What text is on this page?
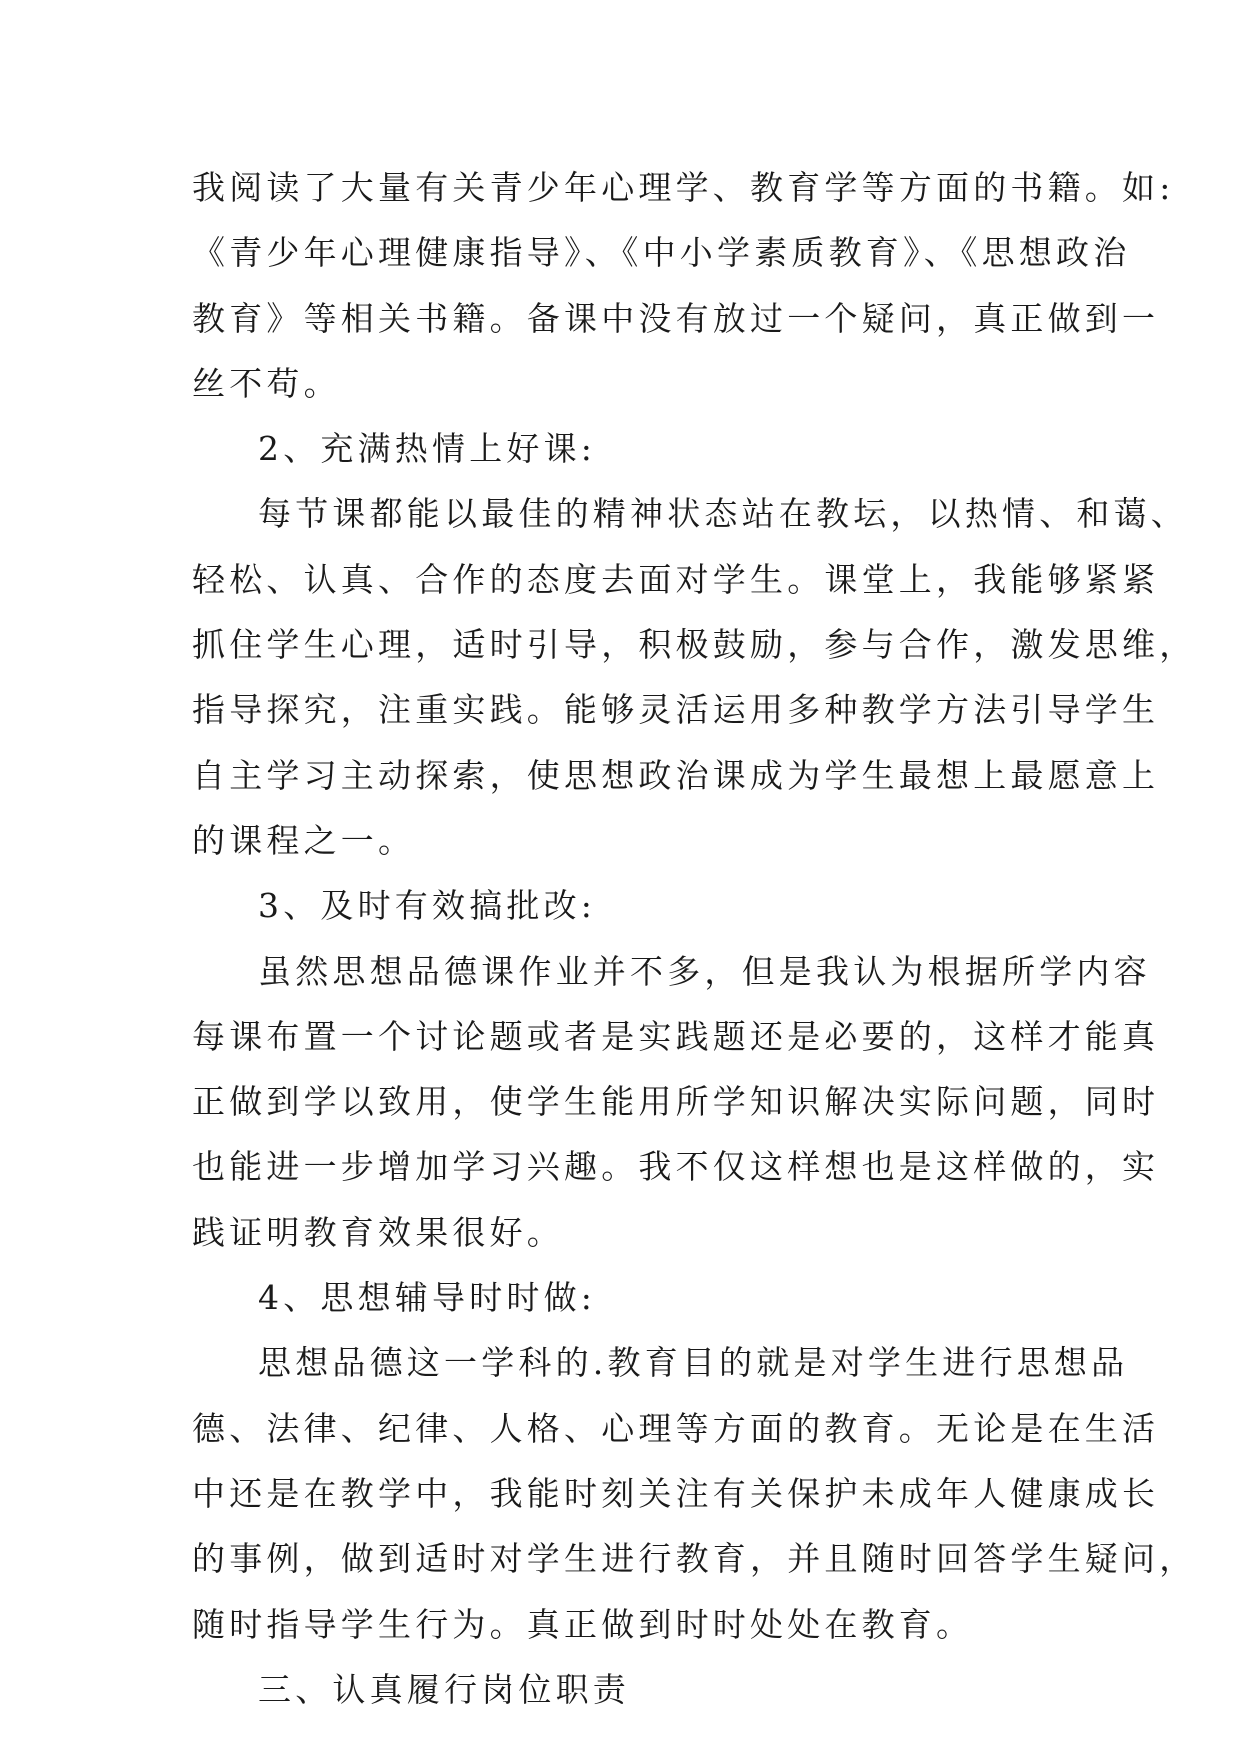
我阅读了大量有关青少年心理学、教育学等方面的书籍。如:
《青少年心理健康指导》、《中小学素质教育》、《思想政治
教育》等相关书籍。备课中没有放过一个疑问，真正做到一
丝不苟。
2、充满热情上好课:
每节课都能以最佳的精神状态站在教坛，以热情、和蔼、
轻松、认真、合作的态度去面对学生。课堂上，我能够紧紧
抓住学生心理，适时引导，积极鼓励，参与合作，激发思维，
指导探究，注重实践。能够灵活运用多种教学方法引导学生
自主学习主动探索，使思想政治课成为学生最想上最愿意上
的课程之一。
3、及时有效搞批改:
虽然思想品德课作业并不多，但是我认为根据所学内容
每课布置一个讨论题或者是实践题还是必要的，这样才能真
正做到学以致用，使学生能用所学知识解决实际问题，同时
也能进一步增加学习兴趣。我不仅这样想也是这样做的，实
践证明教育效果很好。
4、思想辅导时时做:
思想品德这一学科的.教育目的就是对学生进行思想品
德、法律、纪律、人格、心理等方面的教育。无论是在生活
中还是在教学中，我能时刻关注有关保护未成年人健康成长
的事例，做到适时对学生进行教育，并且随时回答学生疑问，
随时指导学生行为。真正做到时时处处在教育。
三、认真履行岗位职责
